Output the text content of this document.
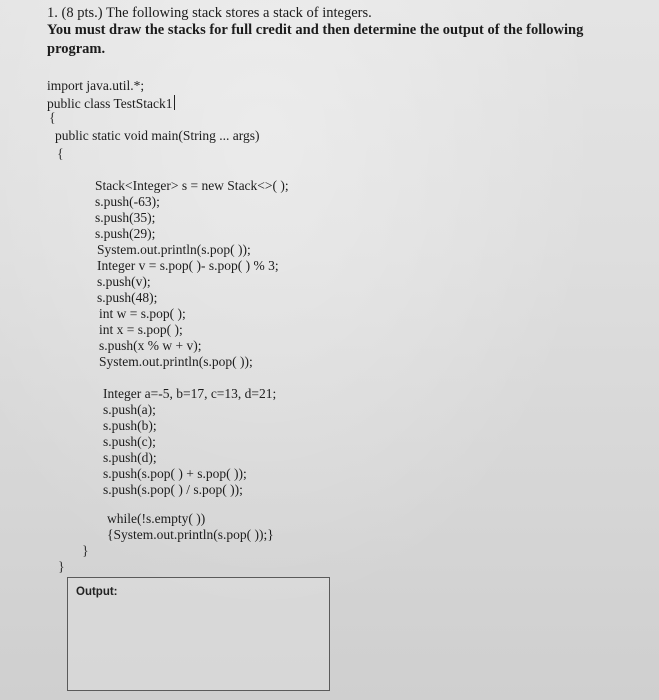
1. (8 pts.) The following stack stores a stack of integers.
You must draw the stacks for full credit and then determine the output of the following
program.
import java.util.*;
public class TestStack1
{
public static void main(String ... args)
{
Stack<Integer> s = new Stack<>( );
s.push(-63);
s.push(35);
s.push(29);
System.out.println(s.pop( ));
Integer v = s.pop( )- s.pop( ) % 3;
s.push(v);
s.push(48);
int w = s.pop( );
int x = s.pop( );
s.push(x % w + v);
System.out.println(s.pop( ));
Integer a=-5, b=17, c=13, d=21;
s.push(a);
s.push(b);
s.push(c);
s.push(d);
s.push(s.pop( ) + s.pop( ));
s.push(s.pop( ) / s.pop( ));
while(!s.empty( ))
{System.out.println(s.pop( ));}
}
}
Output:
